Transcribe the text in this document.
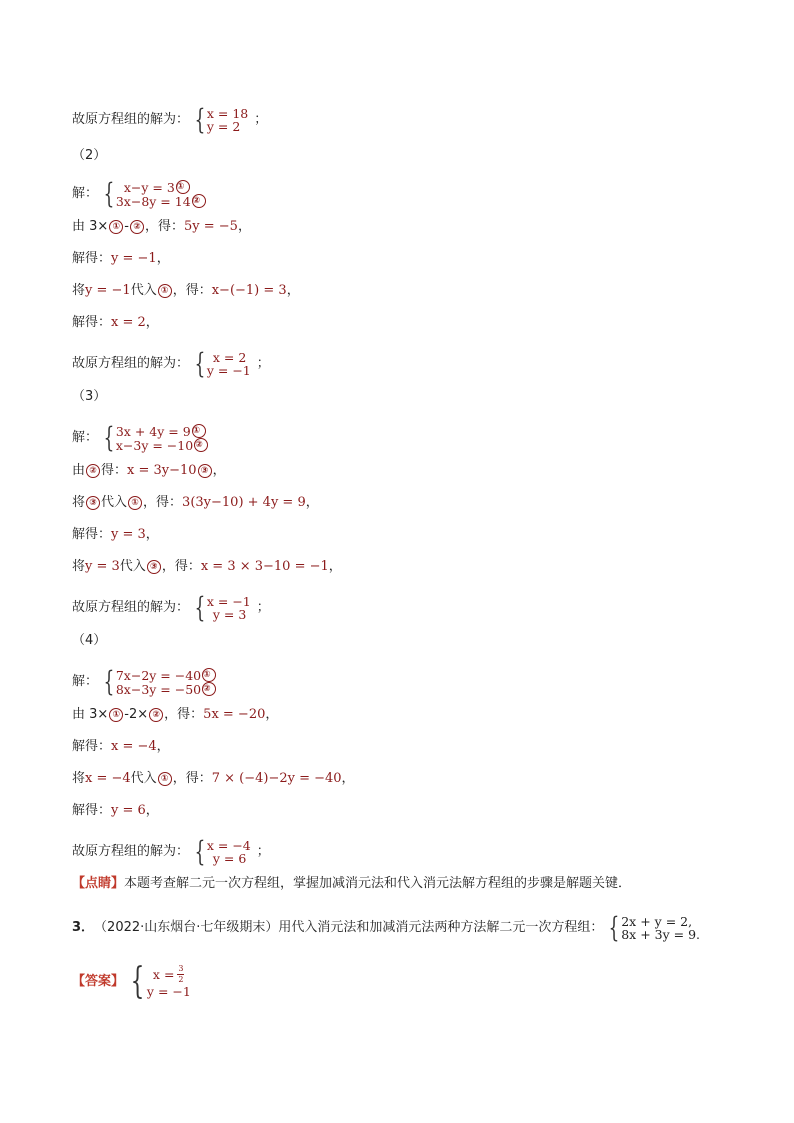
故原方程组的解为： { x = 18
y = 2	；
（2）
解： { x−y = 3 ①
3x−8y = 14 ②
由 3× ① - ② ，得： 5y = −5 ，
解得： y = −1 ，
将 y = −1 代入 ① ，得： x−(−1) = 3 ，
解得： x = 2 ，
故原方程组的解为： { x = 2
y = −1 ；
（3）
解： { 3x + 4y = 9 ①
x−3y = −10 ②
由 ② 得： x = 3y−10 ③ ，
将 ③ 代入 ① ，得： 3(3y−10) + 4y = 9 ，
解得： y = 3 ，
将 y = 3 代入 ③ ，得： x = 3 × 3−10 = −1 ，
故原方程组的解为： { x = −1
y = 3 ；
（4）
解： { 7x−2y = −40 ①
8x−3y = −50 ②
由 3× ① -2× ② ，得： 5x = −20 ，
解得： x = −4 ，
将 x = −4 代入 ① ，得： 7 × (−4)−2y = −40 ，
解得： y = 6 ，
故原方程组的解为： { x = −4
y = 6 ；
【点睛】 本题考查解二元一次方程组，掌握加减消元法和代入消元法解方程组的步骤是解题关键．
3． （2022·山东烟台·七年级期末）用代入消元法和加减消元法两种方法解二元一次方程组： { 2x + y = 2,
8x + 3y = 9.
【答案】 { $x = \frac{3}{2}$
y = −1
